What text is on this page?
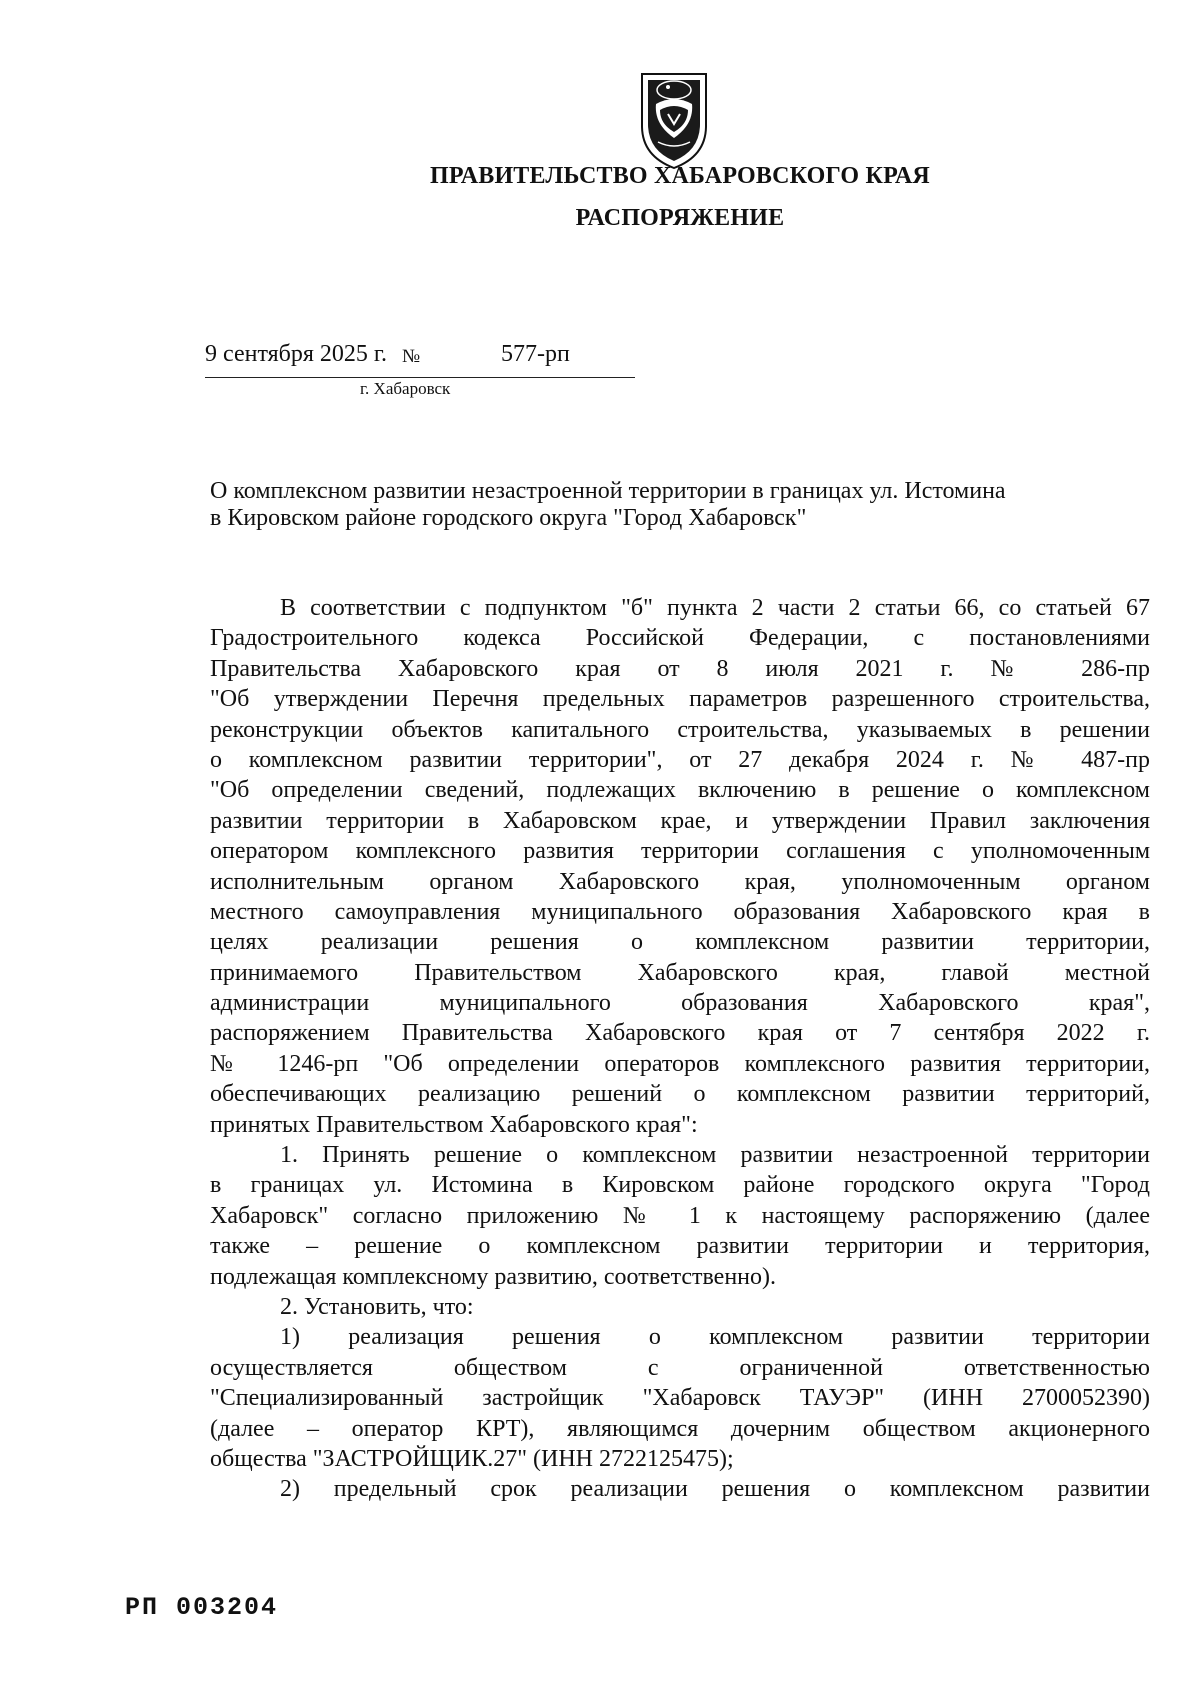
ПРАВИТЕЛЬСТВО ХАБАРОВСКОГО КРАЯ
РАСПОРЯЖЕНИЕ
9 сентября 2025 г. №	577-рп
г. Хабаровск
О комплексном развитии незастроенной территории в границах ул. Истомина
в Кировском районе городского округа "Город Хабаровск"
В соответствии с подпунктом "б" пункта 2 части 2 статьи 66, со статьей 67
Градостроительного кодекса Российской Федерации, с постановлениями
Правительства Хабаровского края от 8 июля 2021 г. № 286-пр
"Об утверждении Перечня предельных параметров разрешенного строительства,
реконструкции объектов капитального строительства, указываемых в решении
о комплексном развитии территории", от 27 декабря 2024 г. № 487-пр
"Об определении сведений, подлежащих включению в решение о комплексном
развитии территории в Хабаровском крае, и утверждении Правил заключения
оператором комплексного развития территории соглашения с уполномоченным
исполнительным органом Хабаровского края, уполномоченным органом
местного самоуправления муниципального образования Хабаровского края в
целях реализации решения о комплексном развитии территории,
принимаемого Правительством Хабаровского края, главой местной
администрации муниципального образования Хабаровского края",
распоряжением Правительства Хабаровского края от 7 сентября 2022 г.
№ 1246-рп "Об определении операторов комплексного развития территории,
обеспечивающих реализацию решений о комплексном развитии территорий,
принятых Правительством Хабаровского края":
1. Принять решение о комплексном развитии незастроенной территории
в границах ул. Истомина в Кировском районе городского округа "Город
Хабаровск" согласно приложению № 1 к настоящему распоряжению (далее
также – решение о комплексном развитии территории и территория,
подлежащая комплексному развитию, соответственно).
2. Установить, что:
1) реализация решения о комплексном развитии территории
осуществляется обществом с ограниченной ответственностью
"Специализированный застройщик "Хабаровск ТАУЭР" (ИНН 2700052390)
(далее – оператор КРТ), являющимся дочерним обществом акционерного
общества "ЗАСТРОЙЩИК.27" (ИНН 2722125475);
2) предельный срок реализации решения о комплексном развитии
РП 003204
